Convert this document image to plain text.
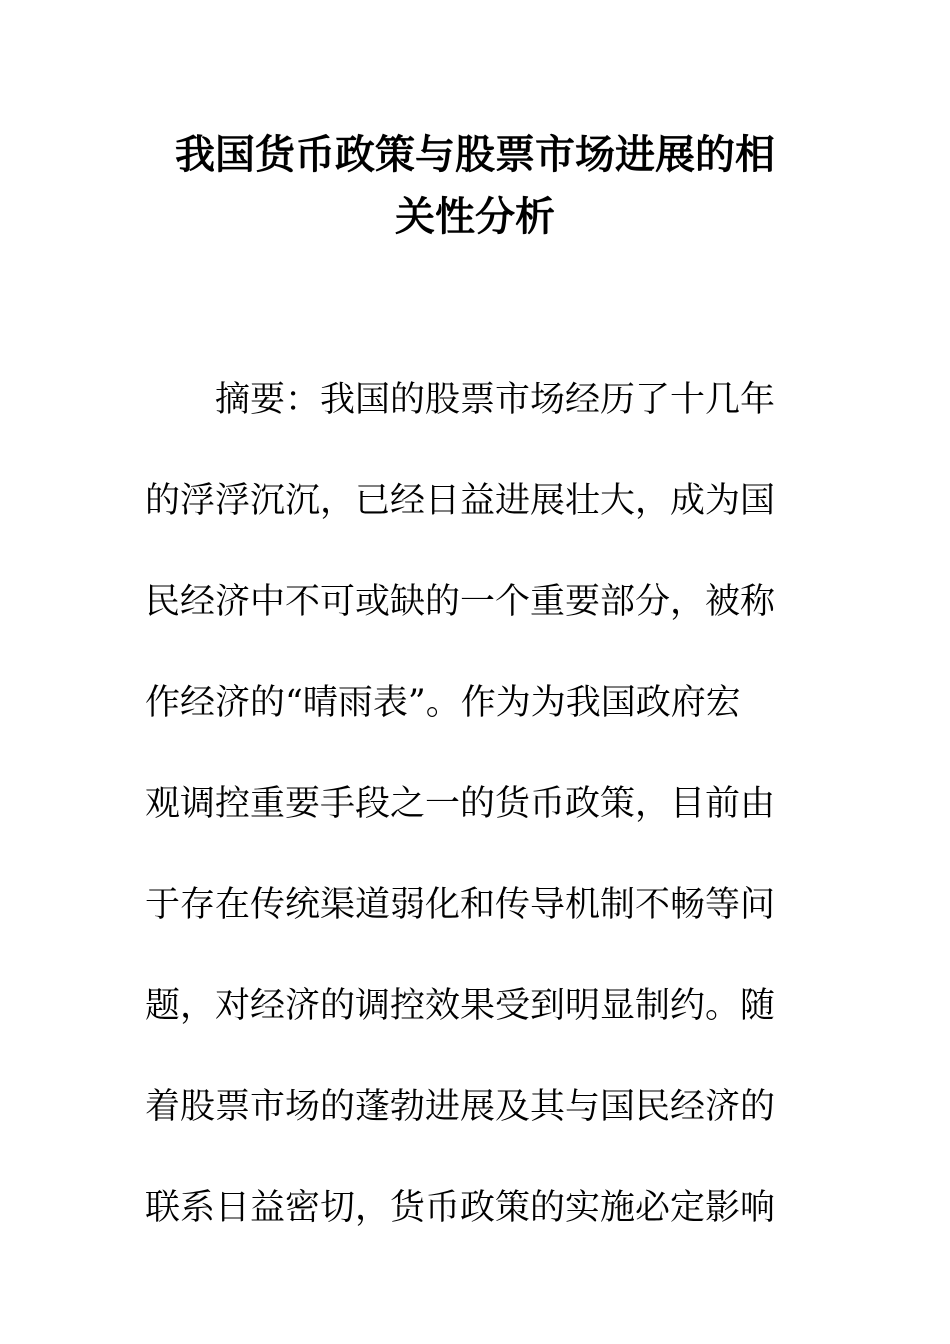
我国货币政策与股票市场进展的相
关性分析
摘要：我国的股票市场经历了十几年
的浮浮沉沉，已经日益进展壮大，成为国
民经济中不可或缺的一个重要部分，被称
作经济的“晴雨表”。作为为我国政府宏
观调控重要手段之一的货币政策，目前由
于存在传统渠道弱化和传导机制不畅等问
题，对经济的调控效果受到明显制约。随
着股票市场的蓬勃进展及其与国民经济的
联系日益密切，货币政策的实施必定影响
